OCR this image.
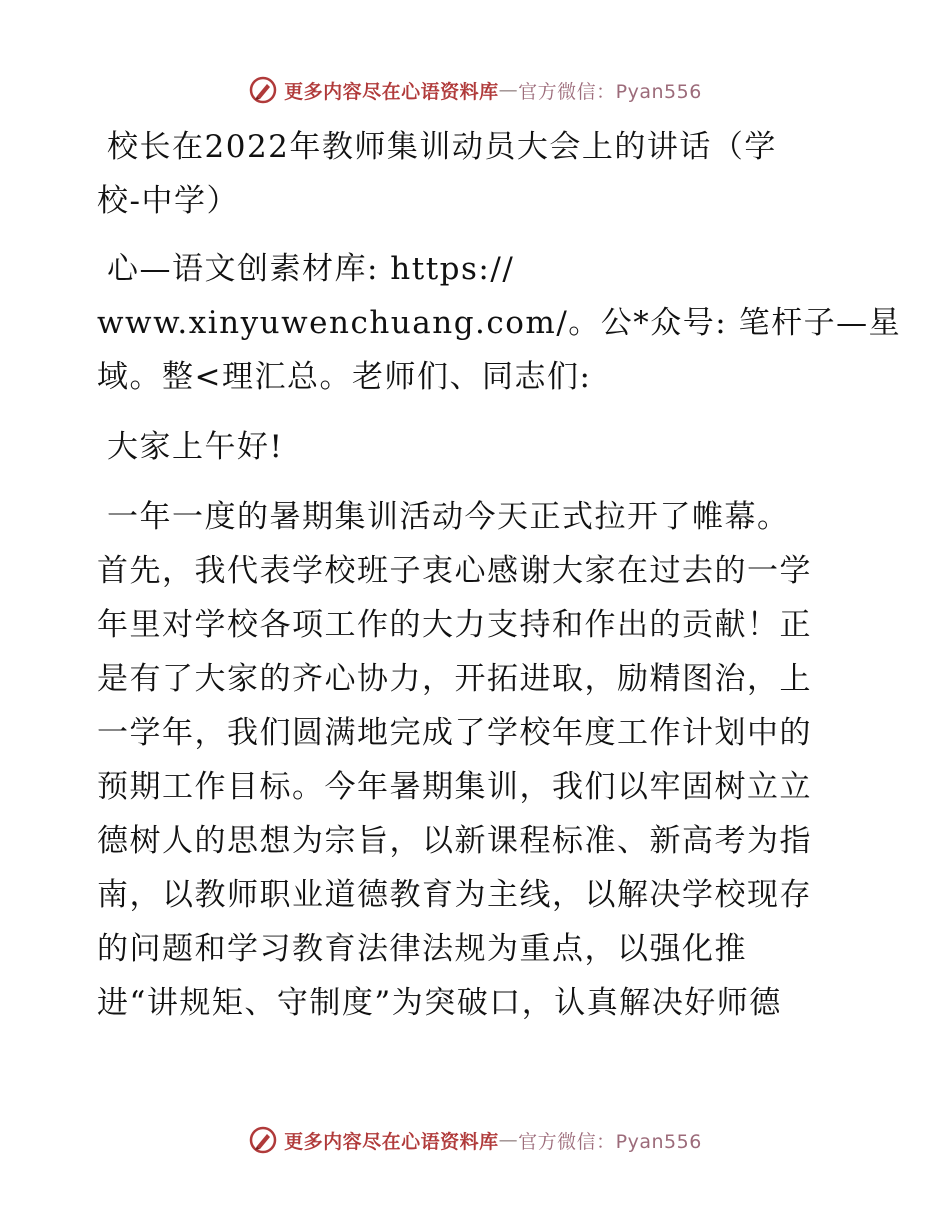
更多内容尽在心语资料库 — 官方微信：Pyan556

校长在2022年教师集训动员大会上的讲话（学
校-中学）

心—语文创素材库: https://
www.xinyuwenchuang.com/。公*众号: 笔杆子—星
域。整<理汇总。老师们、同志们:

大家上午好!

一年一度的暑期集训活动今天正式拉开了帷幕。
首先，我代表学校班子衷心感谢大家在过去的一学
年里对学校各项工作的大力支持和作出的贡献！正
是有了大家的齐心协力，开拓进取，励精图治，上
一学年，我们圆满地完成了学校年度工作计划中的
预期工作目标。今年暑期集训，我们以牢固树立立
德树人的思想为宗旨，以新课程标准、新高考为指
南，以教师职业道德教育为主线，以解决学校现存
的问题和学习教育法律法规为重点，以强化推
进“讲规矩、守制度”为突破口，认真解决好师德

更多内容尽在心语资料库 — 官方微信：Pyan556
